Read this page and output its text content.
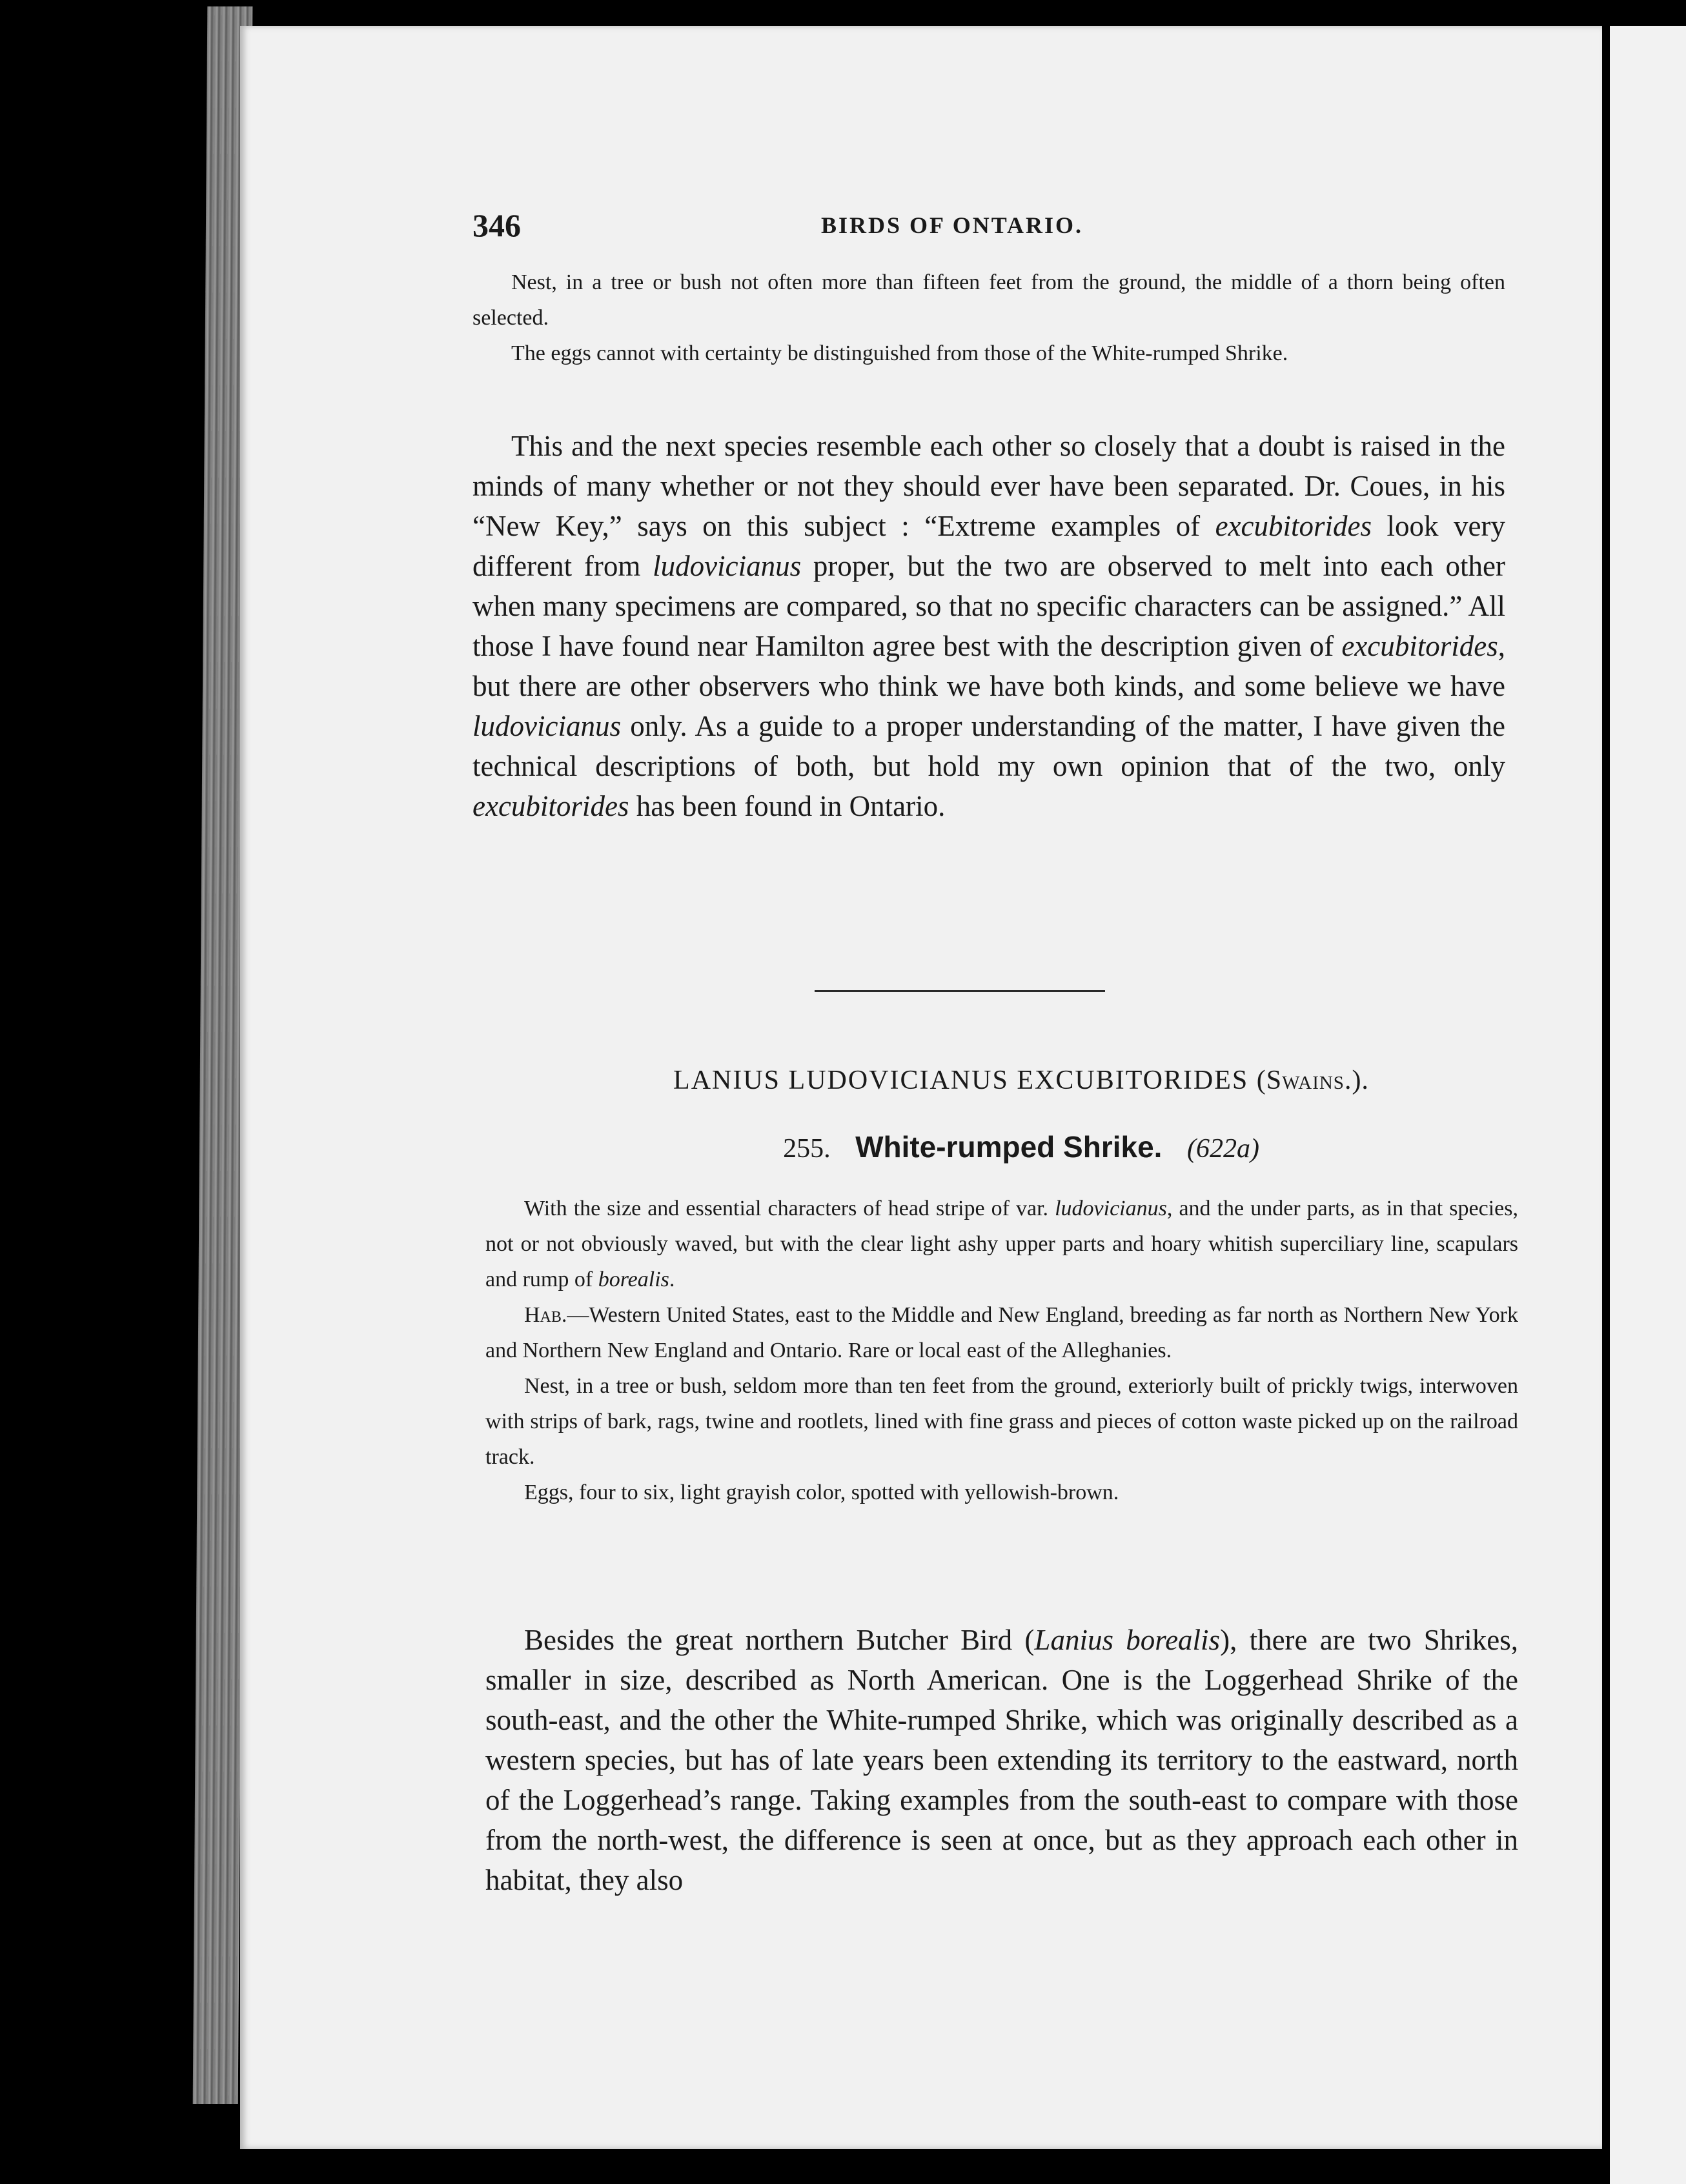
346	BIRDS OF ONTARIO.

Nest, in a tree or bush not often more than fifteen feet from the ground, the middle of a thorn being often selected.

The eggs cannot with certainty be distinguished from those of the White-rumped Shrike.

This and the next species resemble each other so closely that a doubt is raised in the minds of many whether or not they should ever have been separated. Dr. Coues, in his “New Key,” says on this subject : “Extreme examples of excubitorides look very different from ludovicianus proper, but the two are observed to melt into each other when many specimens are compared, so that no specific characters can be assigned.” All those I have found near Hamilton agree best with the description given of excubitorides, but there are other observers who think we have both kinds, and some believe we have ludovicianus only. As a guide to a proper understanding of the matter, I have given the technical descriptions of both, but hold my own opinion that of the two, only excubitorides has been found in Ontario.

LANIUS LUDOVICIANUS EXCUBITORIDES (Swains.).
255. White-rumped Shrike. (622a)

With the size and essential characters of head stripe of var. ludovicianus, and the under parts, as in that species, not or not obviously waved, but with the clear light ashy upper parts and hoary whitish superciliary line, scapulars and rump of borealis.

Hab.—Western United States, east to the Middle and New England, breeding as far north as Northern New York and Northern New England and Ontario. Rare or local east of the Alleghanies.

Nest, in a tree or bush, seldom more than ten feet from the ground, exteriorly built of prickly twigs, interwoven with strips of bark, rags, twine and rootlets, lined with fine grass and pieces of cotton waste picked up on the railroad track.

Eggs, four to six, light grayish color, spotted with yellowish-brown.

Besides the great northern Butcher Bird (Lanius borealis), there are two Shrikes, smaller in size, described as North American. One is the Loggerhead Shrike of the south-east, and the other the White-rumped Shrike, which was originally described as a western species, but has of late years been extending its territory to the eastward, north of the Loggerhead’s range. Taking examples from the south-east to compare with those from the north-west, the difference is seen at once, but as they approach each other in habitat, they also
